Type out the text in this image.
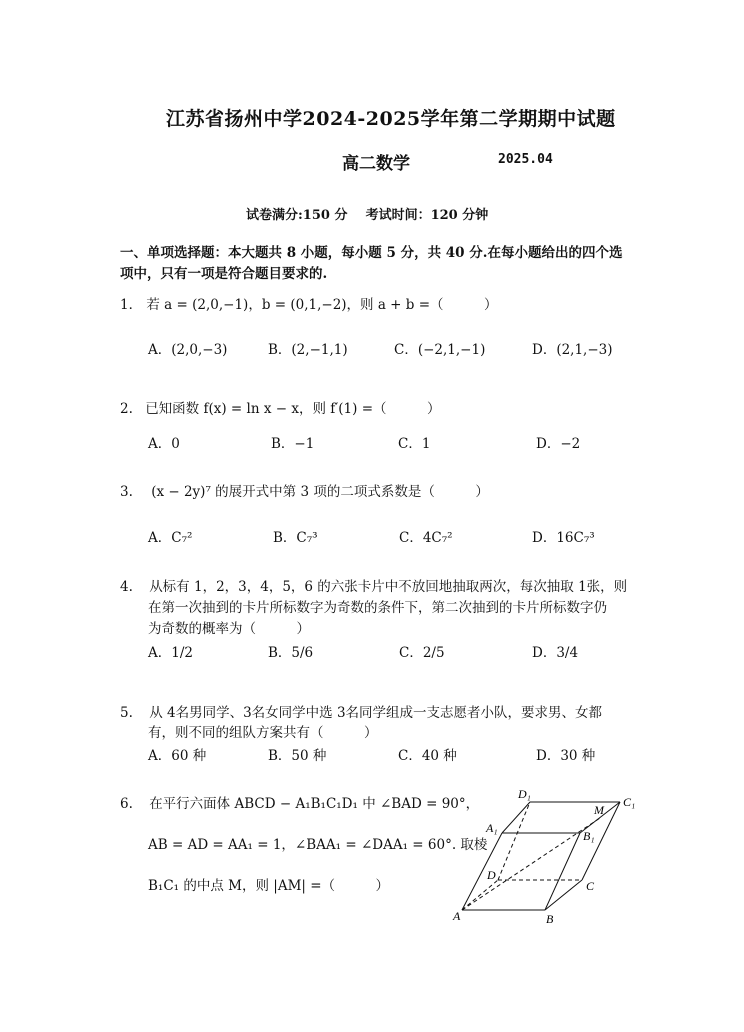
江苏省扬州中学2024-2025学年第二学期期中试题
高二数学	2025.04
试卷满分:150 分    考试时间：120 分钟
一、单项选择题：本大题共 8 小题，每小题 5 分，共 40 分.在每小题给出的四个选
项中，只有一项是符合题目要求的.
1． 若 a = (2,0,−1)，b = (0,1,−2)，则 a + b =（　　　）
A．(2,0,−3)	B．(2,−1,1)	C．(−2,1,−1)	D．(2,1,−3)
2. 已知函数 f(x) = ln x − x，则 f′(1) =（　　　）
A．0	B．−1	C．1	D．−2
3. (x − 2y)⁷ 的展开式中第 3 项的二项式系数是（　　　）
A．C₇²	B．C₇³	C．4C₇²	D．16C₇³
4. 从标有 1，2，3，4，5，6 的六张卡片中不放回地抽取两次，每次抽取 1张，则
在第一次抽到的卡片所标数字为奇数的条件下，第二次抽到的卡片所标数字仍
为奇数的概率为（　　　）
A．1/2	B．5/6	C．2/5	D．3/4
5. 从 4名男同学、3名女同学中选 3名同学组成一支志愿者小队，要求男、女都
有，则不同的组队方案共有（　　　）
A．60 种	B．50 种	C．40 种	D．30 种
6. 在平行六面体 ABCD − A₁B₁C₁D₁ 中 ∠BAD = 90°，
AB = AD = AA₁ = 1，∠BAA₁ = ∠DAA₁ = 60°. 取棱
B₁C₁ 的中点 M，则 |AM| =（　　　）
D₁
C₁
M
A₁
B₁
D
C
A	B
